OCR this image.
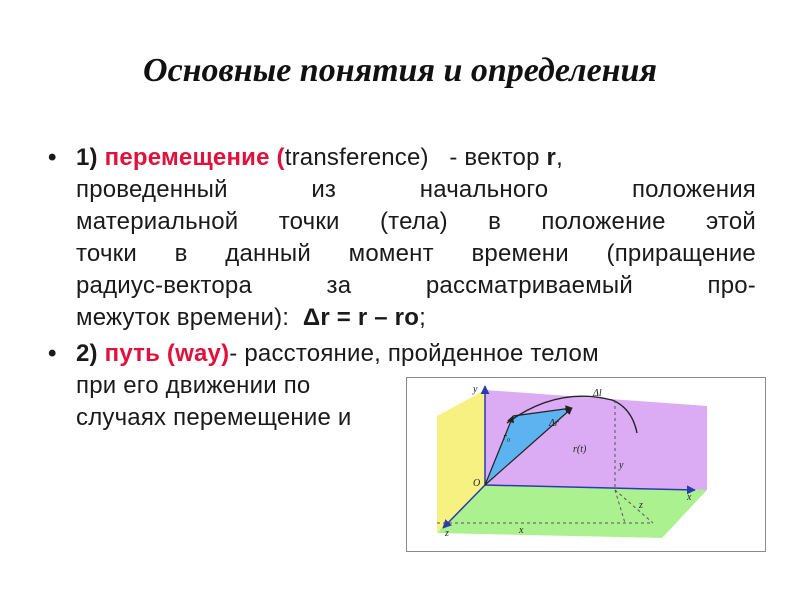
Основные понятия и определения
• 1) перемещение (transference) - вектор r,
проведенный из начального положения
материальной точки (тела) в положение этой
точки в данный момент времени (приращение
радиус-вектора за рассматриваемый про-
межуток времени): Δr = r – ro;
• 2) путь (way)- расстояние, пройденное телом
при его движении по
случаях перемещение и
y
x
z
O
r₀
Δr
r(t)
Δl
x
y
z
